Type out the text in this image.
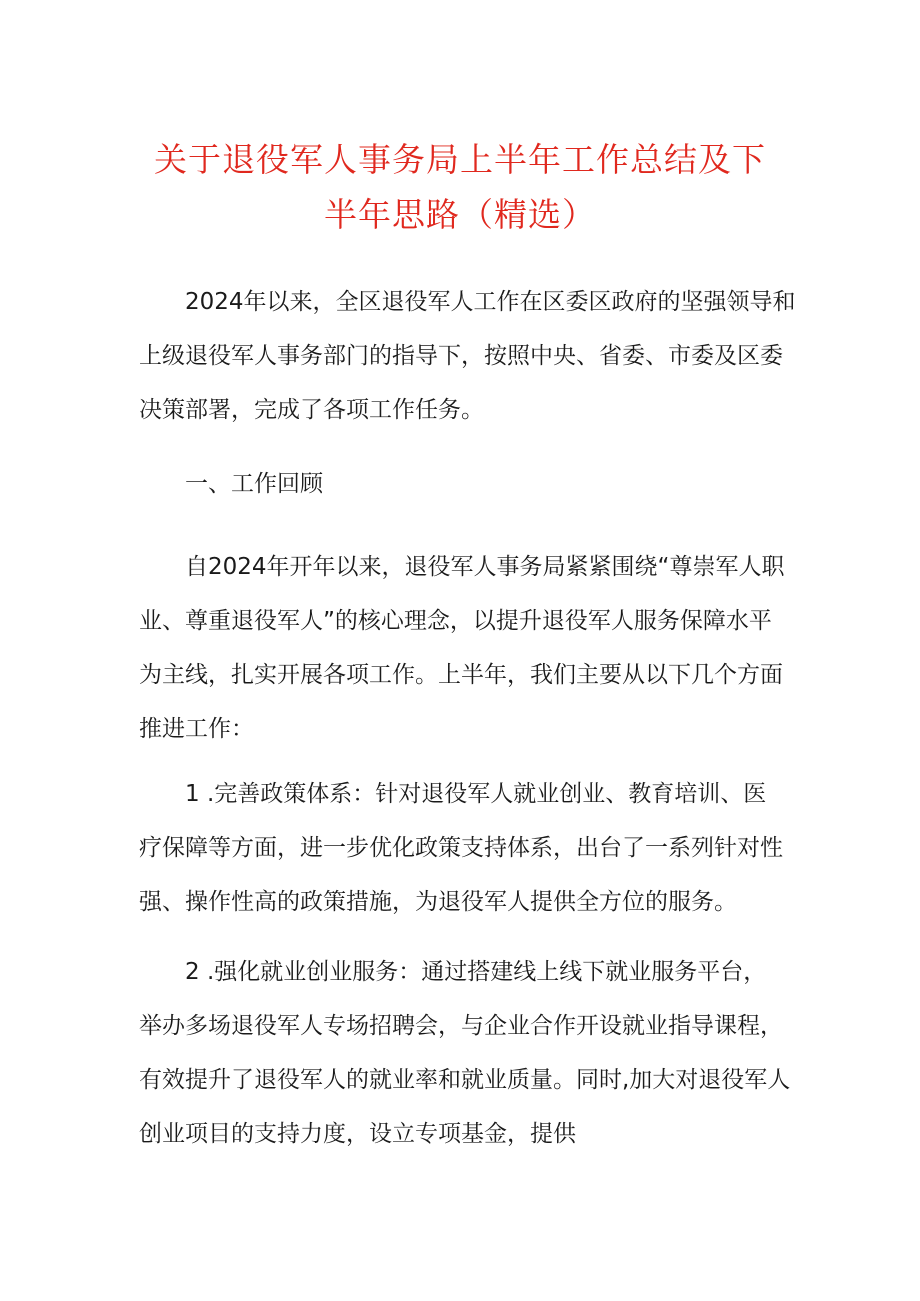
关于退役军人事务局上半年工作总结及下
半年思路（精选）
2024年以来，全区退役军人工作在区委区政府的坚强领导和
上级退役军人事务部门的指导下，按照中央、省委、市委及区委
决策部署，完成了各项工作任务。
一、工作回顾
自2024年开年以来，退役军人事务局紧紧围绕“尊崇军人职
业、尊重退役军人”的核心理念，以提升退役军人服务保障水平
为主线，扎实开展各项工作。上半年，我们主要从以下几个方面
推进工作：
1 .完善政策体系：针对退役军人就业创业、教育培训、医
疗保障等方面，进一步优化政策支持体系，出台了一系列针对性
强、操作性高的政策措施，为退役军人提供全方位的服务。
2 .强化就业创业服务：通过搭建线上线下就业服务平台，
举办多场退役军人专场招聘会，与企业合作开设就业指导课程，
有效提升了退役军人的就业率和就业质量。同时,加大对退役军人
创业项目的支持力度，设立专项基金，提供
